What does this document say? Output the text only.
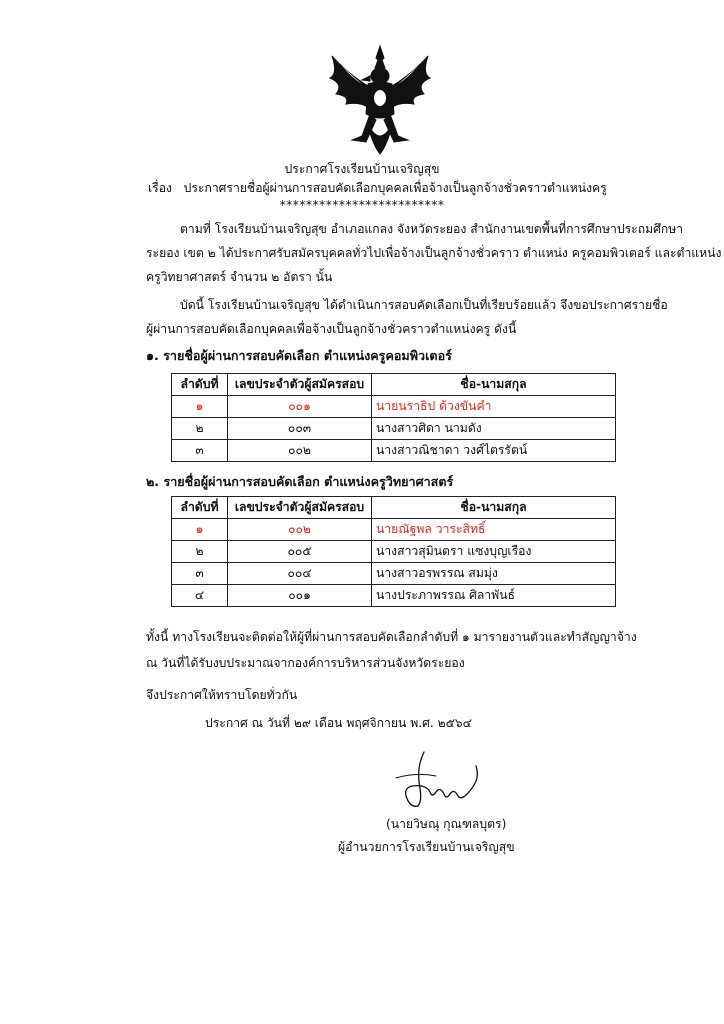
ประกาศโรงเรียนบ้านเจริญสุข
เรื่อง ประกาศรายชื่อผู้ผ่านการสอบคัดเลือกบุคคลเพื่อจ้างเป็นลูกจ้างชั่วคราวตำแหน่งครู
*************************
ตามที่ โรงเรียนบ้านเจริญสุข อำเภอแกลง จังหวัดระยอง สำนักงานเขตพื้นที่การศึกษาประถมศึกษา
ระยอง เขต ๒ ได้ประกาศรับสมัครบุคคลทั่วไปเพื่อจ้างเป็นลูกจ้างชั่วคราว ตำแหน่ง ครูคอมพิวเตอร์ และตำแหน่ง
ครูวิทยาศาสตร์ จำนวน ๒ อัตรา นั้น
บัดนี้ โรงเรียนบ้านเจริญสุข ได้ดำเนินการสอบคัดเลือกเป็นที่เรียบร้อยแล้ว จึงขอประกาศรายชื่อ
ผู้ผ่านการสอบคัดเลือกบุคคลเพื่อจ้างเป็นลูกจ้างชั่วคราวตำแหน่งครู ดังนี้
๑. รายชื่อผู้ผ่านการสอบคัดเลือก ตำแหน่งครูคอมพิวเตอร์
ลำดับที่	เลขประจำตัวผู้สมัครสอบ	ชื่อ-นามสกุล
๑	๐๐๑	นายนราธิป ด้วงขันคำ
๒	๐๐๓	นางสาวศิดา นามดัง
๓	๐๐๒	นางสาวณิชาดา วงศ์ไตรรัตน์
๒. รายชื่อผู้ผ่านการสอบคัดเลือก ตำแหน่งครูวิทยาศาสตร์
ลำดับที่	เลขประจำตัวผู้สมัครสอบ	ชื่อ-นามสกุล
๑	๐๐๒	นายณัฐพล วาระสิทธิ์
๒	๐๐๕	นางสาวสุมินตรา แซงบุญเรือง
๓	๐๐๔	นางสาวอรพรรณ สมมุ่ง
๔	๐๐๑	นางประภาพรรณ ศิลาพันธ์
ทั้งนี้ ทางโรงเรียนจะติดต่อให้ผู้ที่ผ่านการสอบคัดเลือกลำดับที่ ๑ มารายงานตัวและทำสัญญาจ้าง
ณ วันที่ได้รับงบประมาณจากองค์การบริหารส่วนจังหวัดระยอง
จึงประกาศให้ทราบโดยทั่วกัน
ประกาศ ณ วันที่ ๒๙ เดือน พฤศจิกายน พ.ศ. ๒๕๖๔
(นายวิษณุ กุณฑลบุตร)
ผู้อำนวยการโรงเรียนบ้านเจริญสุข
